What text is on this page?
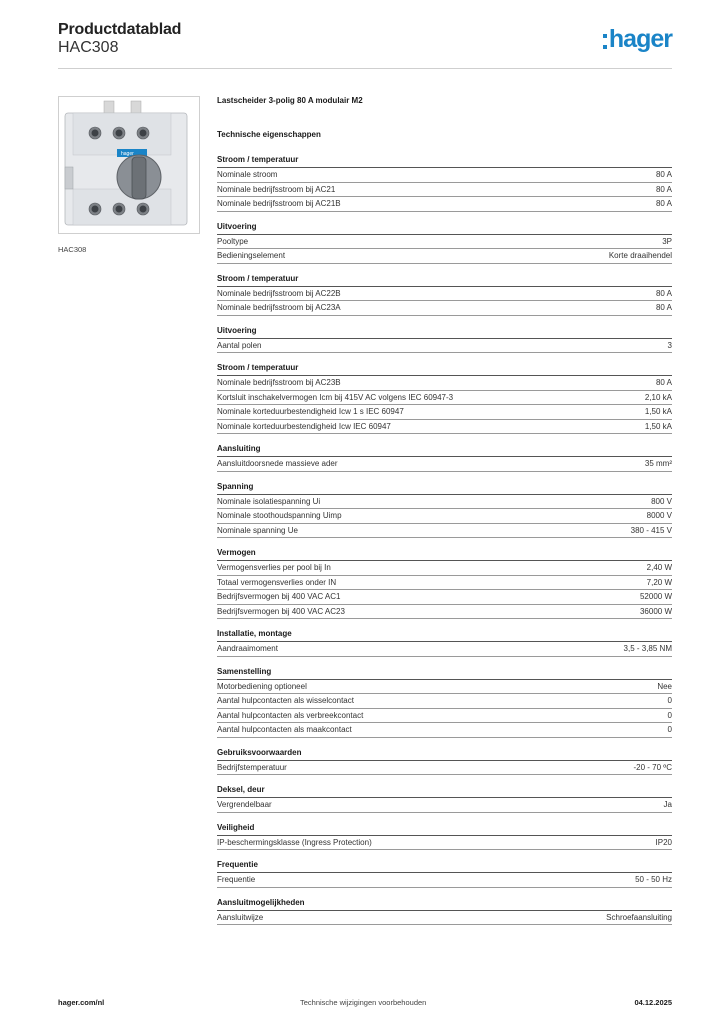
Productdatablad
HAC308	hager
hager
HAC308
Lastscheider 3-polig 80 A modulair M2
Technische eigenschappen
Stroom / temperatuur
Nominale stroom	80 A
Nominale bedrijfsstroom bij AC21	80 A
Nominale bedrijfsstroom bij AC21B	80 A
Uitvoering
Pooltype	3P
Bedieningselement	Korte draaihendel
Stroom / temperatuur
Nominale bedrijfsstroom bij AC22B	80 A
Nominale bedrijfsstroom bij AC23A	80 A
Uitvoering
Aantal polen	3
Stroom / temperatuur
Nominale bedrijfsstroom bij AC23B	80 A
Kortsluit inschakelvermogen Icm bij 415V AC volgens IEC 60947-3	2,10 kA
Nominale korteduurbestendigheid Icw 1 s IEC 60947	1,50 kA
Nominale korteduurbestendigheid Icw IEC 60947	1,50 kA
Aansluiting
Aansluitdoorsnede massieve ader	35 mm²
Spanning
Nominale isolatiespanning Ui	800 V
Nominale stoothoudspanning Uimp	8000 V
Nominale spanning Ue	380 - 415 V
Vermogen
Vermogensverlies per pool bij In	2,40 W
Totaal vermogensverlies onder IN	7,20 W
Bedrijfsvermogen bij 400 VAC AC1	52000 W
Bedrijfsvermogen bij 400 VAC AC23	36000 W
Installatie, montage
Aandraaimoment	3,5 - 3,85 NM
Samenstelling
Motorbediening optioneel	Nee
Aantal hulpcontacten als wisselcontact	0
Aantal hulpcontacten als verbreekcontact	0
Aantal hulpcontacten als maakcontact	0
Gebruiksvoorwaarden
Bedrijfstemperatuur	-20 - 70 ºC
Deksel, deur
Vergrendelbaar	Ja
Veiligheid
IP-beschermingsklasse (Ingress Protection)	IP20
Frequentie
Frequentie	50 - 50 Hz
Aansluitmogelijkheden
Aansluitwijze	Schroefaansluiting
hager.com/nl	Technische wijzigingen voorbehouden	04.12.2025
